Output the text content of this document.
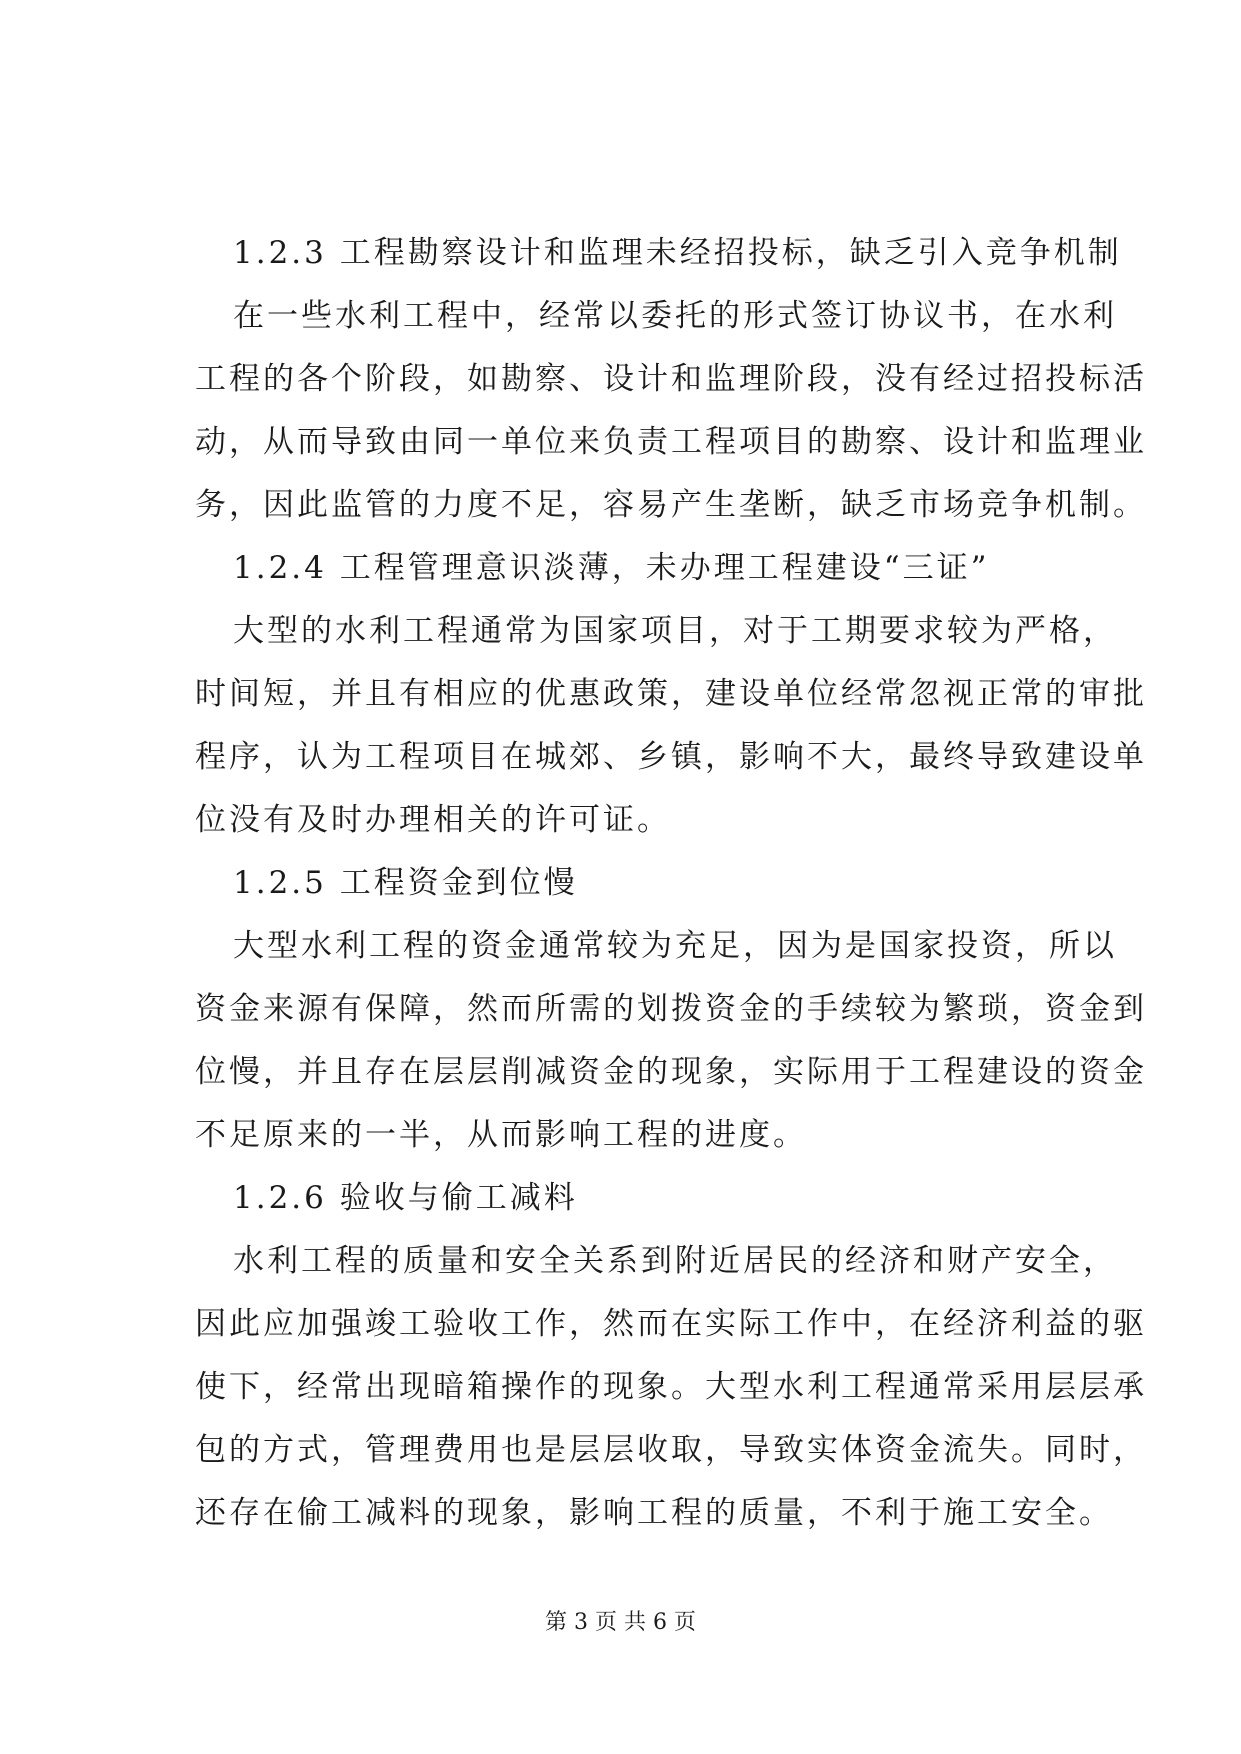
1.2.3 工程勘察设计和监理未经招投标，缺乏引入竞争机制
在一些水利工程中，经常以委托的形式签订协议书，在水利
工程的各个阶段，如勘察、设计和监理阶段，没有经过招投标活
动，从而导致由同一单位来负责工程项目的勘察、设计和监理业
务，因此监管的力度不足，容易产生垄断，缺乏市场竞争机制。
1.2.4 工程管理意识淡薄，未办理工程建设“三证”
大型的水利工程通常为国家项目，对于工期要求较为严格，
时间短，并且有相应的优惠政策，建设单位经常忽视正常的审批
程序，认为工程项目在城郊、乡镇，影响不大，最终导致建设单
位没有及时办理相关的许可证。
1.2.5 工程资金到位慢
大型水利工程的资金通常较为充足，因为是国家投资，所以
资金来源有保障，然而所需的划拨资金的手续较为繁琐，资金到
位慢，并且存在层层削减资金的现象，实际用于工程建设的资金
不足原来的一半，从而影响工程的进度。
1.2.6 验收与偷工减料
水利工程的质量和安全关系到附近居民的经济和财产安全，
因此应加强竣工验收工作，然而在实际工作中，在经济利益的驱
使下，经常出现暗箱操作的现象。大型水利工程通常采用层层承
包的方式，管理费用也是层层收取，导致实体资金流失。同时，
还存在偷工减料的现象，影响工程的质量，不利于施工安全。
第 3 页 共 6 页
